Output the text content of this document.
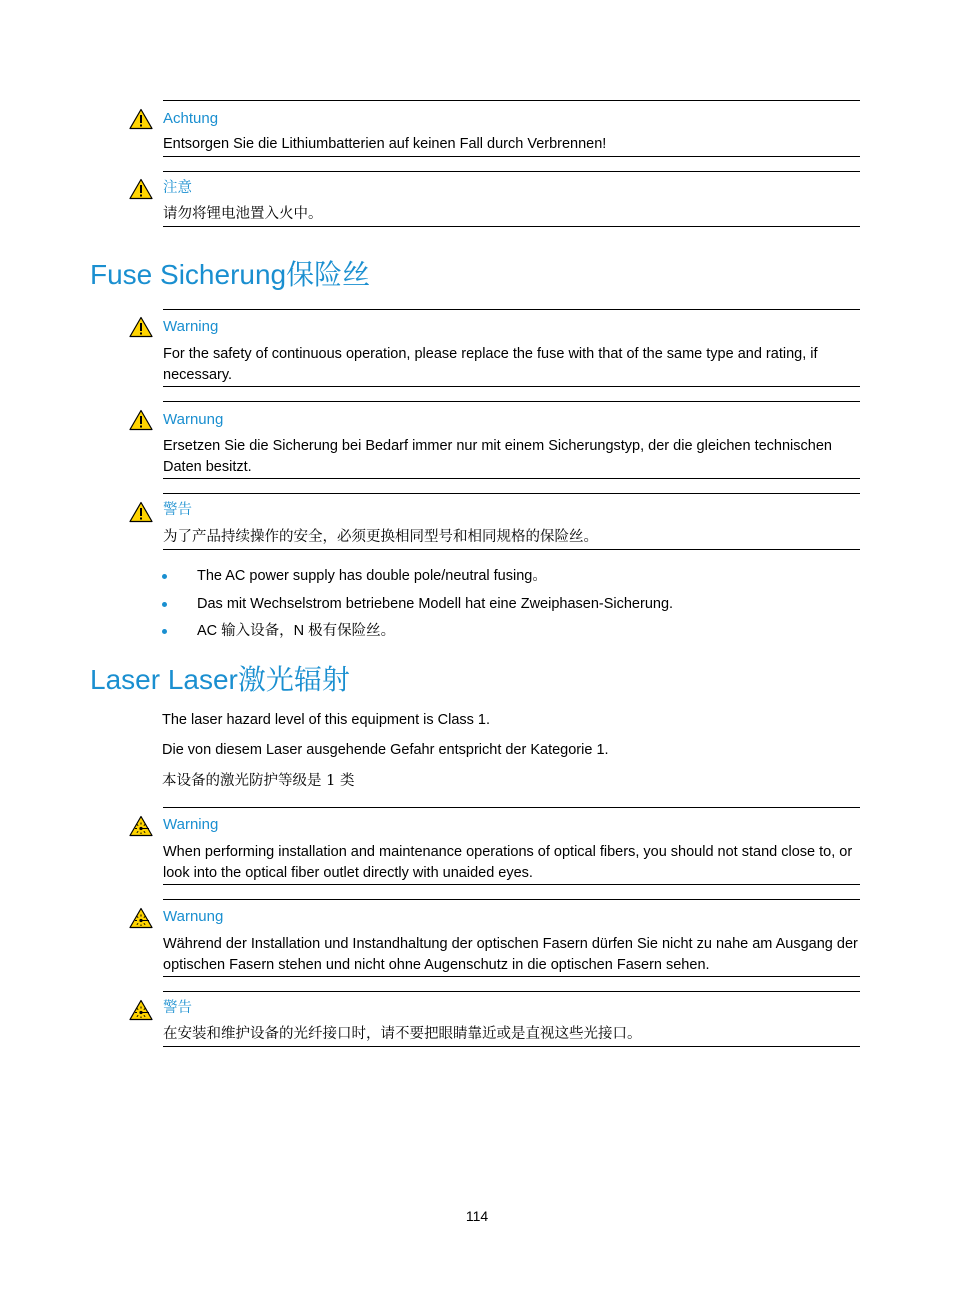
Achtung
Entsorgen Sie die Lithiumbatterien auf keinen Fall durch Verbrennen!
注意
请勿将锂电池置入火中。
Fuse Sicherung保险丝
Warning
For the safety of continuous operation, please replace the fuse with that of the same type and rating, if necessary.
Warnung
Ersetzen Sie die Sicherung bei Bedarf immer nur mit einem Sicherungstyp, der die gleichen technischen Daten besitzt.
警告
为了产品持续操作的安全，必须更换相同型号和相同规格的保险丝。
The AC power supply has double pole/neutral fusing。
Das mit Wechselstrom betriebene Modell hat eine Zweiphasen-Sicherung.
AC 输入设备，N 极有保险丝。
Laser Laser激光辐射
The laser hazard level of this equipment is Class 1.
Die von diesem Laser ausgehende Gefahr entspricht der Kategorie 1.
本设备的激光防护等级是 1 类
Warning
When performing installation and maintenance operations of optical fibers, you should not stand close to, or look into the optical fiber outlet directly with unaided eyes.
Warnung
Während der Installation und Instandhaltung der optischen Fasern dürfen Sie nicht zu nahe am Ausgang der optischen Fasern stehen und nicht ohne Augenschutz in die optischen Fasern sehen.
警告
在安装和维护设备的光纤接口时，请不要把眼睛靠近或是直视这些光接口。
114
